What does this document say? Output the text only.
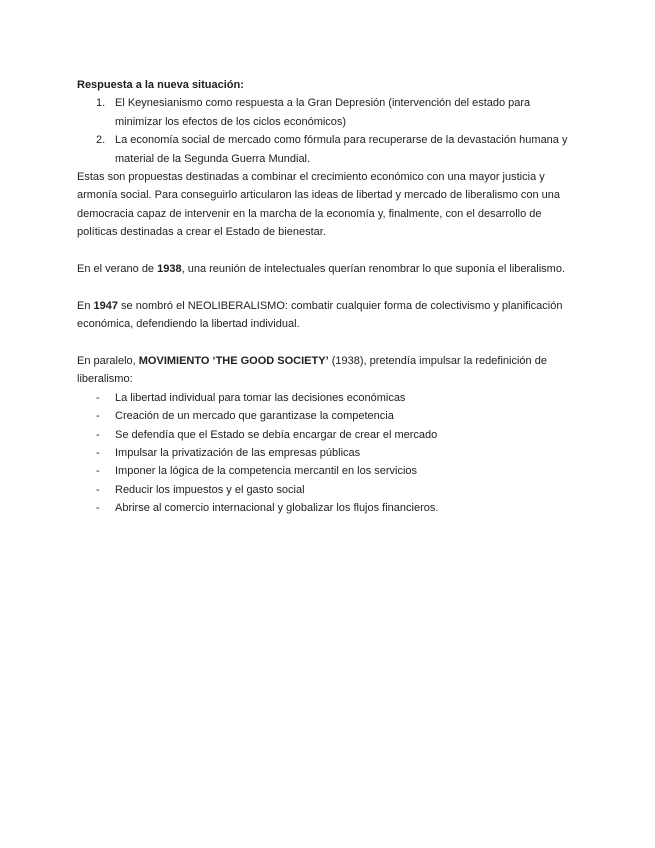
Respuesta a la nueva situación:

1. El Keynesianismo como respuesta a la Gran Depresión (intervención del estado para minimizar los efectos de los ciclos económicos)
2. La economía social de mercado como fórmula para recuperarse de la devastación humana y material de la Segunda Guerra Mundial.

Estas son propuestas destinadas a combinar el crecimiento económico con una mayor justicia y armonía social. Para conseguirlo articularon las ideas de libertad y mercado de liberalismo con una democracia capaz de intervenir en la marcha de la economía y, finalmente, con el desarrollo de políticas destinadas a crear el Estado de bienestar.

En el verano de 1938, una reunión de intelectuales querían renombrar lo que suponía el liberalismo.

En 1947 se nombró el NEOLIBERALISMO: combatir cualquier forma de colectivismo y planificación económica, defendiendo la libertad individual.

En paralelo, MOVIMIENTO ‘THE GOOD SOCIETY’ (1938), pretendía impulsar la redefinición de liberalismo:

- La libertad individual para tomar las decisiones económicas
- Creación de un mercado que garantizase la competencia
- Se defendía que el Estado se debía encargar de crear el mercado
- Impulsar la privatización de las empresas públicas
- Imponer la lógica de la competencia mercantil en los servicios
- Reducir los impuestos y el gasto social
- Abrirse al comercio internacional y globalizar los flujos financieros.
